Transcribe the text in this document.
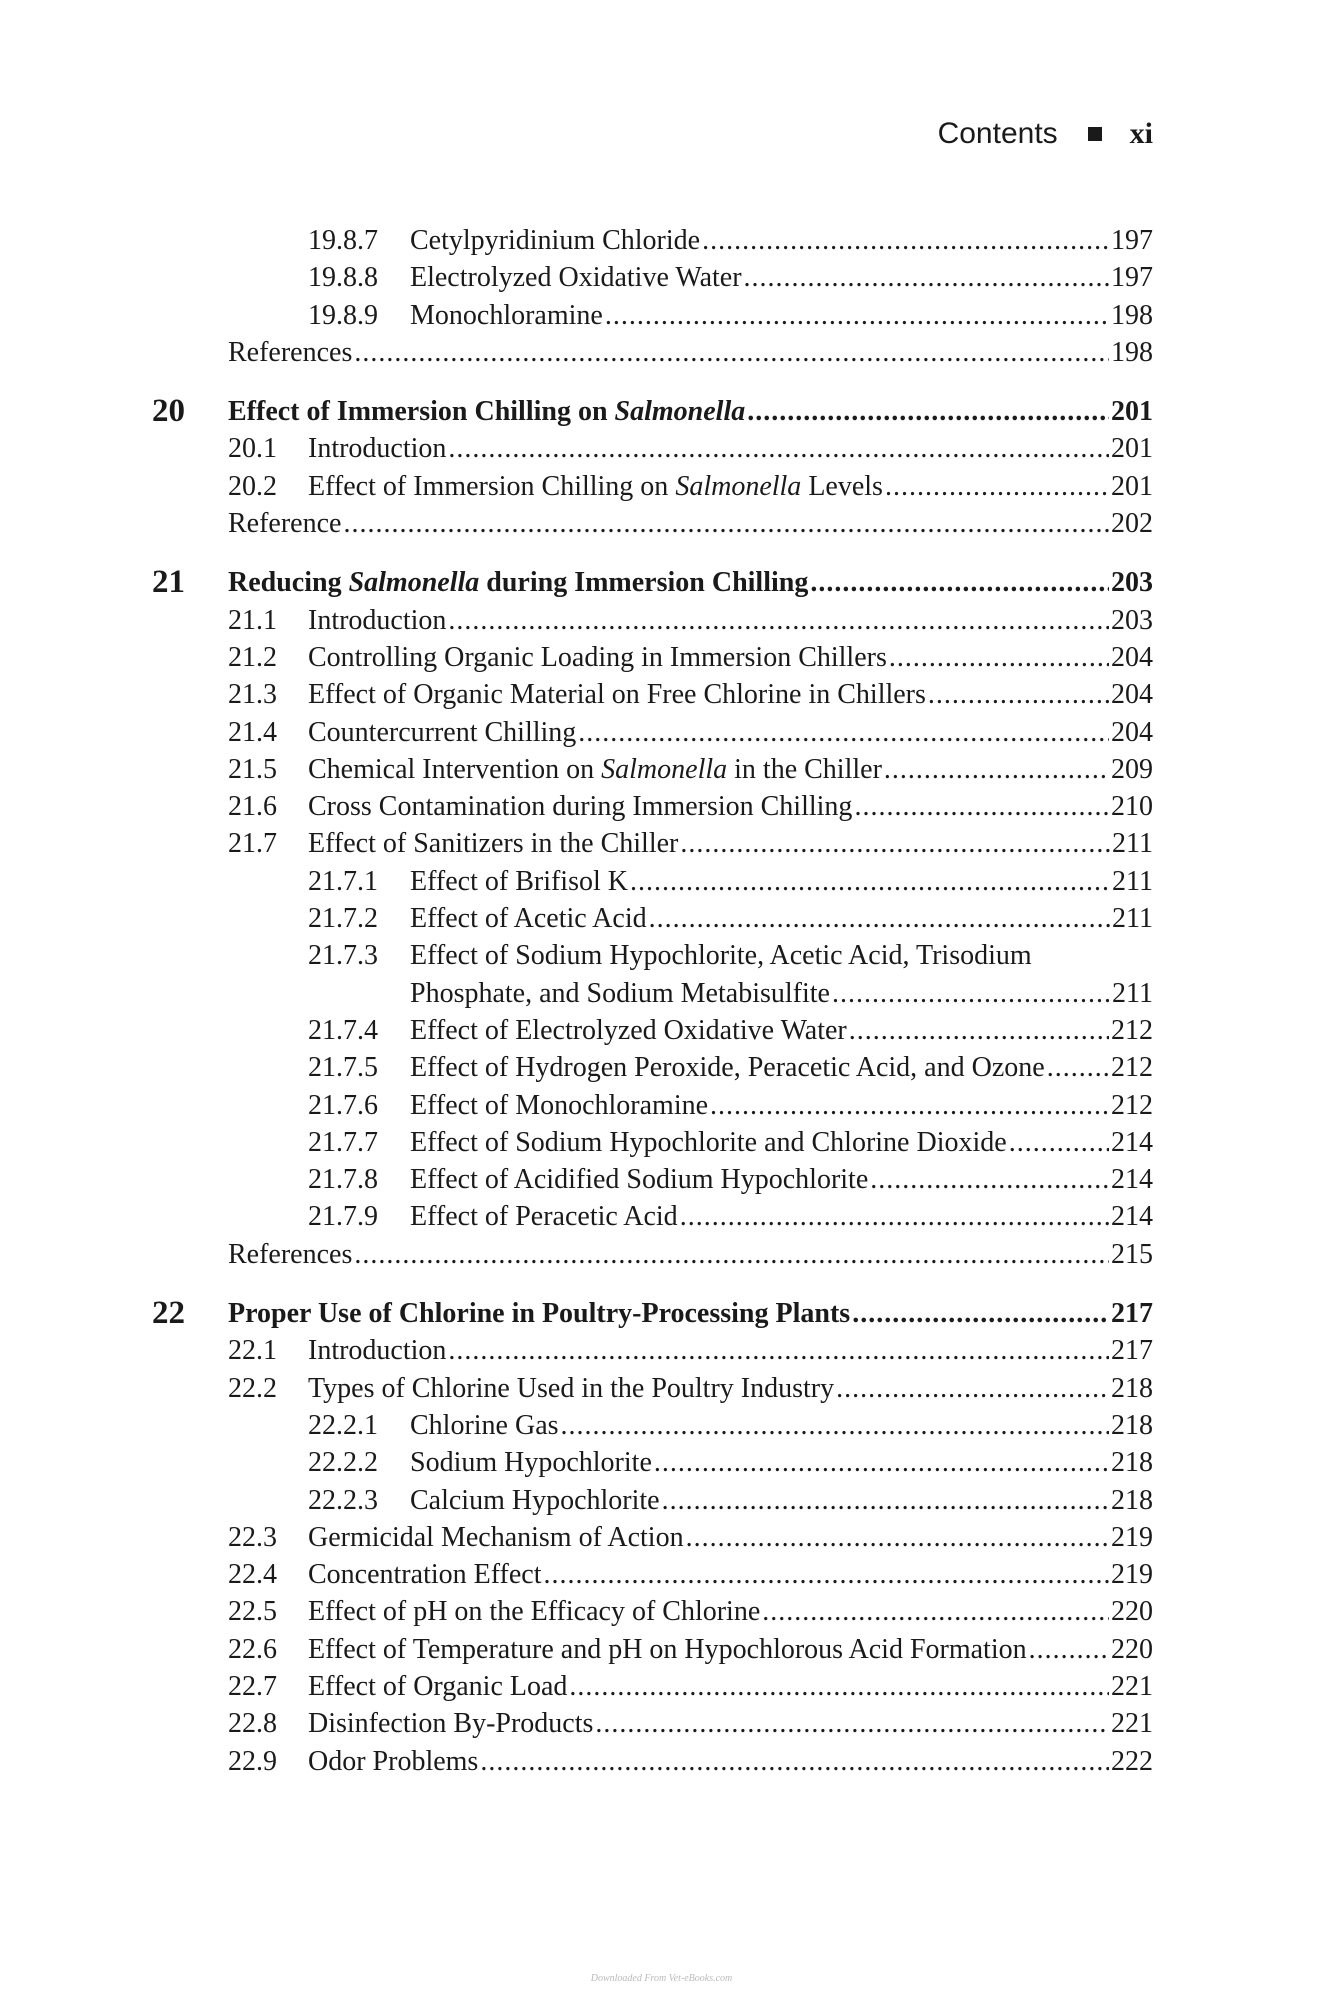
Contents xi
19.8.7 Cetylpyridinium Chloride .....	197
19.8.8 Electrolyzed Oxidative Water .....	197
19.8.9 Monochloramine .....	198
References .....	198
20 Effect of Immersion Chilling on Salmonella .....	201
20.1 Introduction .....	201
20.2 Effect of Immersion Chilling on Salmonella Levels .....	201
Reference .....	202
21 Reducing Salmonella during Immersion Chilling .....	203
21.1 Introduction .....	203
21.2 Controlling Organic Loading in Immersion Chillers .....	204
21.3 Effect of Organic Material on Free Chlorine in Chillers .....	204
21.4 Countercurrent Chilling .....	204
21.5 Chemical Intervention on Salmonella in the Chiller .....	209
21.6 Cross Contamination during Immersion Chilling .....	210
21.7 Effect of Sanitizers in the Chiller .....	211
21.7.1 Effect of Brifisol K .....	211
21.7.2 Effect of Acetic Acid .....	211
21.7.3 Effect of Sodium Hypochlorite, Acetic Acid, Trisodium
Phosphate, and Sodium Metabisulfite .....	211
21.7.4 Effect of Electrolyzed Oxidative Water .....	212
21.7.5 Effect of Hydrogen Peroxide, Peracetic Acid, and Ozone ..... 212
21.7.6 Effect of Monochloramine .....	212
21.7.7 Effect of Sodium Hypochlorite and Chlorine Dioxide .....	214
21.7.8 Effect of Acidified Sodium Hypochlorite .....	214
21.7.9 Effect of Peracetic Acid .....	214
References .....	215
22 Proper Use of Chlorine in Poultry-Processing Plants .....	217
22.1 Introduction .....	217
22.2 Types of Chlorine Used in the Poultry Industry .....	218
22.2.1 Chlorine Gas .....	218
22.2.2 Sodium Hypochlorite .....	218
22.2.3 Calcium Hypochlorite .....	218
22.3 Germicidal Mechanism of Action .....	219
22.4 Concentration Effect .....	219
22.5 Effect of pH on the Efficacy of Chlorine .....	220
22.6 Effect of Temperature and pH on Hypochlorous Acid Formation .....	220
22.7 Effect of Organic Load .....	221
22.8 Disinfection By-Products .....	221
22.9 Odor Problems .....	222
Downloaded From Vet-eBooks.com
